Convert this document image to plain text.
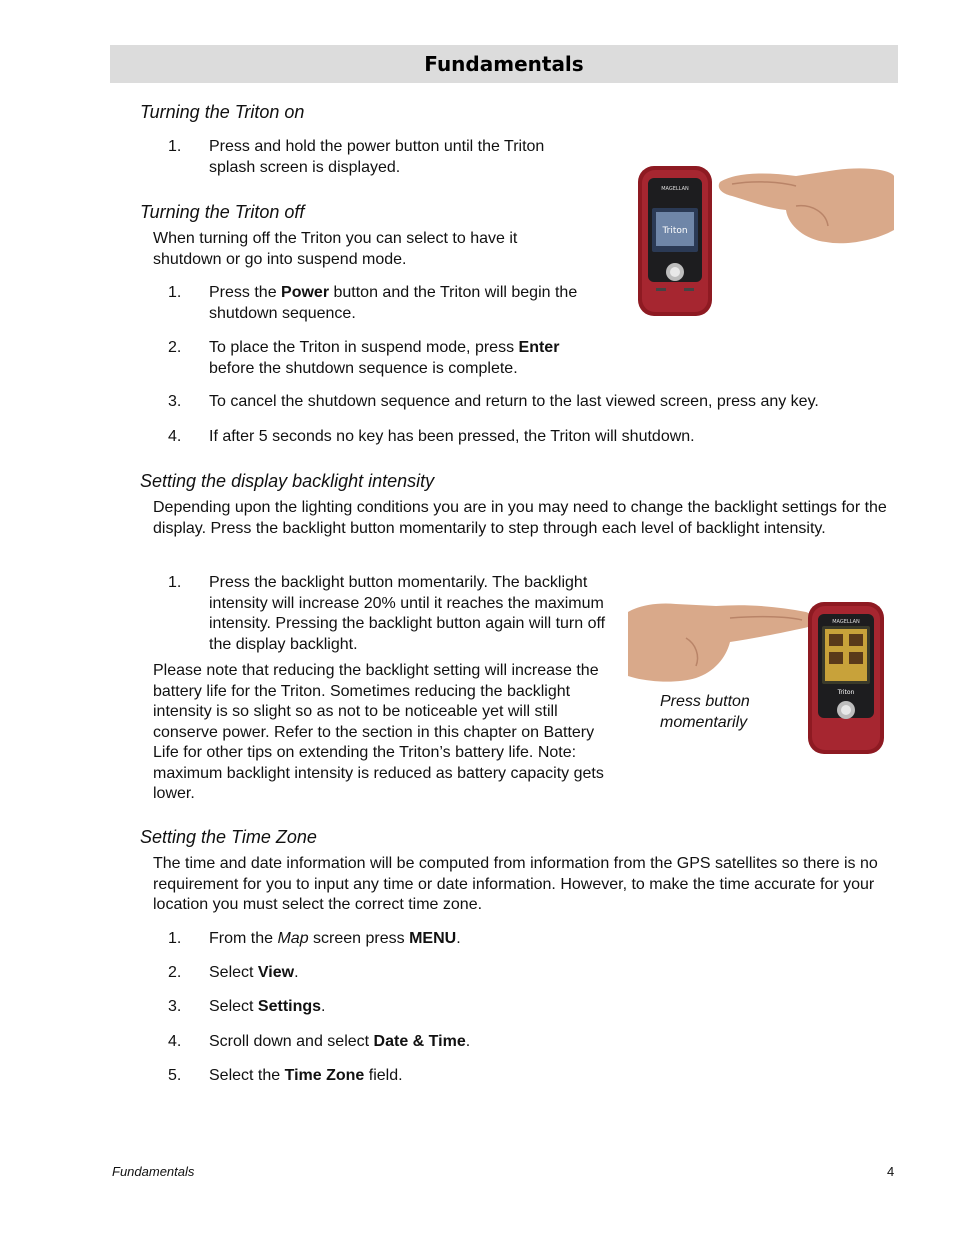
Fundamentals
Turning the Triton on
1.	Press and hold the power button until the Triton splash screen is displayed.
Turning the Triton off
When turning off the Triton you can select to have it shutdown or go into suspend mode.
1.	Press the Power button and the Triton will begin the shutdown sequence.
2.	To place the Triton in suspend mode, press Enter before the shutdown sequence is complete.
3.	To cancel the shutdown sequence and return to the last viewed screen, press any key.
4.	If after 5 seconds no key has been pressed, the Triton will shutdown.
Setting the display backlight intensity
Depending upon the lighting conditions you are in you may need to change the backlight settings for the display. Press the backlight button momentarily to step through each level of backlight intensity.
1.	Press the backlight button momentarily. The backlight intensity will increase 20% until it reaches the maximum intensity. Pressing the backlight button again will turn off the display backlight.
Please note that reducing the backlight setting will increase the battery life for the Triton. Sometimes reducing the backlight intensity is so slight so as not to be noticeable yet will still conserve power. Refer to the section in this chapter on Battery Life for other tips on extending the Triton’s battery life. Note: maximum backlight intensity is reduced as battery capacity gets lower.
Press button momentarily
Setting the Time Zone
The time and date information will be computed from information from the GPS satellites so there is no requirement for you to input any time or date information. However, to make the time accurate for your location you must select the correct time zone.
1.	From the Map screen press MENU.
2.	Select View.
3.	Select Settings.
4.	Scroll down and select Date & Time.
5.	Select the Time Zone field.
Fundamentals	4
MAGELLAN
Triton
MAGELLAN
Triton
